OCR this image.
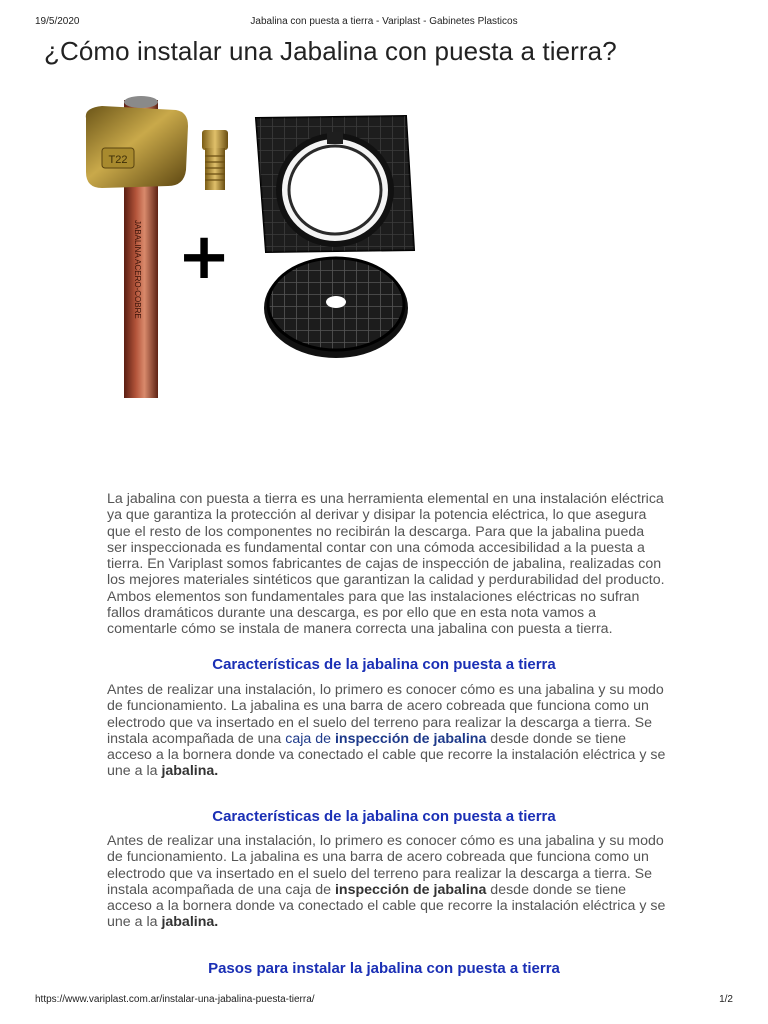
19/5/2020	Jabalina con puesta a tierra - Variplast - Gabinetes Plasticos
¿Cómo instalar una Jabalina con puesta a tierra?
JABALINA ACERO-COBRE
T22
+
La jabalina con puesta a tierra es una herramienta elemental en una instalación eléctrica ya que garantiza la protección al derivar y disipar la potencia eléctrica, lo que asegura que el resto de los componentes no recibirán la descarga. Para que la jabalina pueda ser inspeccionada es fundamental contar con una cómoda accesibilidad a la puesta a tierra. En Variplast somos fabricantes de cajas de inspección de jabalina, realizadas con los mejores materiales sintéticos que garantizan la calidad y perdurabilidad del producto. Ambos elementos son fundamentales para que las instalaciones eléctricas no sufran fallos dramáticos durante una descarga, es por ello que en esta nota vamos a comentarle cómo se instala de manera correcta una jabalina con puesta a tierra.
Características de la jabalina con puesta a tierra
Antes de realizar una instalación, lo primero es conocer cómo es una jabalina y su modo de funcionamiento. La jabalina es una barra de acero cobreada que funciona como un electrodo que va insertado en el suelo del terreno para realizar la descarga a tierra. Se instala acompañada de una caja de inspección de jabalina desde donde se tiene acceso a la bornera donde va conectado el cable que recorre la instalación eléctrica y se une a la jabalina.
Características de la jabalina con puesta a tierra
Antes de realizar una instalación, lo primero es conocer cómo es una jabalina y su modo de funcionamiento. La jabalina es una barra de acero cobreada que funciona como un electrodo que va insertado en el suelo del terreno para realizar la descarga a tierra. Se instala acompañada de una caja de inspección de jabalina desde donde se tiene acceso a la bornera donde va conectado el cable que recorre la instalación eléctrica y se une a la jabalina.
Pasos para instalar la jabalina con puesta a tierra
https://www.variplast.com.ar/instalar-una-jabalina-puesta-tierra/	1/2
